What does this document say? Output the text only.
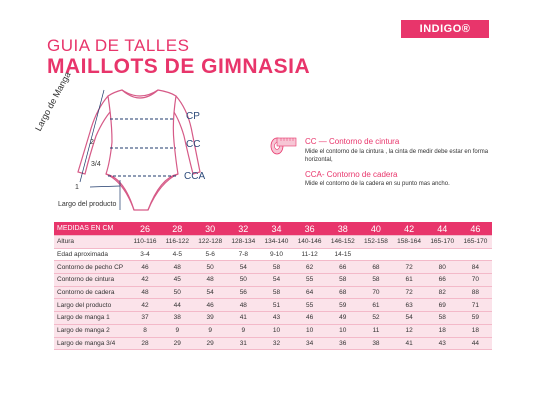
INDIGO®
GUIA DE TALLES
MAILLOTS DE GIMNASIA
CP
CC
CCA
2
3/4
1
Largo de Manga
Largo del producto
CC — Contorno de cintura
Mide el contorno de la cintura , la cinta de medir debe estar en forma horizontal,
CCA- Contorno de cadera
Mide el contorno de la cadera en su punto mas ancho.
MEDIDAS EN CM	26	28	30	32	34	36	38	40	42	44	46
Altura	110-116	116-122	122-128	128-134	134-140	140-146	146-152	152-158	158-164	165-170	165-170
Edad aproximada	3-4	4-5	5-6	7-8	9-10	11-12	14-15				
Contorno de pecho CP	46	48	50	54	58	62	66	68	72	80	84
Contorno de cintura	42	45	48	50	54	55	58	58	61	66	70
Contorno de cadera	48	50	54	56	58	64	68	70	72	82	88
Largo del producto	42	44	46	48	51	55	59	61	63	69	71
Largo de manga 1	37	38	39	41	43	46	49	52	54	58	59
Largo de manga 2	8	9	9	9	10	10	10	11	12	18	18
Largo de manga 3/4	28	29	29	31	32	34	36	38	41	43	44
